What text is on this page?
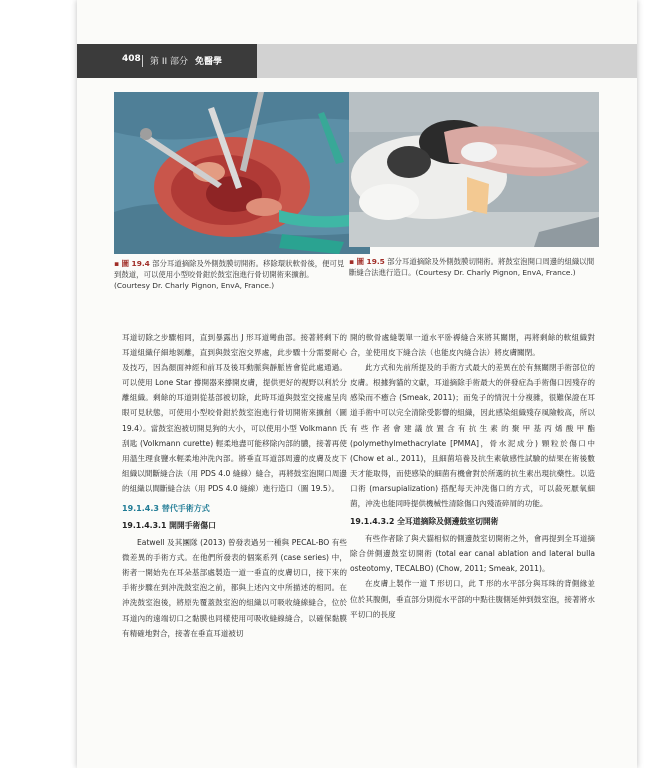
408 第 II 部分 免醫學
▪ 圖 19.4 部分耳道摘除及外側鼓膜切開術。移除環狀軟骨後，便可見到鼓道，可以使用小型咬骨鉗於鼓室泡進行骨切開術來擴創。(Courtesy Dr. Charly Pignon, EnvA, France.)
▪ 圖 19.5 部分耳道摘除及外側鼓膜切開術。將鼓室泡開口周邊的組織以間斷縫合法進行造口。(Courtesy Dr. Charly Pignon, EnvA, France.)

耳道切除之步驟相同，直到暴露出 J 形耳道彎曲部。接著將剩下的耳道組織仔細地剝離，直到與鼓室泡交界處，此步驟十分需要耐心及技巧，因為顏面神經和前耳及後耳動脈與靜脈皆會從此處通過。可以使用 Lone Star 撐開器來撐開皮膚，提供更好的視野以利於分離組織。剩餘的耳道則從基部被切除，此時耳道與鼓室交接處呈肉眼可見狀態，可使用小型咬骨鉗於鼓室泡進行骨切開術來擴創（圖 19.4）。當鼓室泡被切開見狗的大小，可以使用小型 Volkmann 氏刮匙 (Volkmann curette) 輕柔地盡可能移除內部的膿，接著再使用溫生理食鹽水輕柔地沖洗內部。將垂直耳道部周邊的皮膚及皮下組織以間斷縫合法（用 PDS 4.0 縫線）縫合，再將鼓室泡開口周邊的組織以間斷縫合法（用 PDS 4.0 縫線）進行造口（圖 19.5）。

19.1.4.3 替代手術方式

19.1.4.3.1 開開手術傷口

Eatwell 及其團隊 (2013) 曾發表過另一種與 PECAL-BO 有些微差異的手術方式。在他們所發表的個案系列 (case series) 中，術者一開始先在耳朵基部處製造一道一垂直的皮膚切口，接下來的手術步驟在到沖洗鼓室泡之前，都與上述內文中所描述的相同。在沖洗鼓室泡後，將原先覆蓋鼓室泡的組織以可吸收縫線縫合，位於耳道內的遠端切口之黏膜也同樣使用可吸收縫線縫合，以確保黏膜有精確地對合，接著在垂直耳道被切

開的軟骨處縫製單一道水平卧褥縫合來將其關閉，再將剩餘的軟組織對合，並使用皮下縫合法（也能皮內縫合法）將皮膚關閉。

此方式和先前所提及的手術方式最大的差異在於有無關閉手術部位的皮膚。根據狗貓的文獻，耳道摘除手術最大的併發症為手術傷口因殘存的感染而不癒合 (Smeak, 2011)；而兔子的情況十分複雜，很難保證在耳道手術中可以完全清除受影響的組織，因此感染組織殘存風險較高，所以有些作者會建議放置含有抗生素的聚甲基丙烯酸甲酯 (polymethylmethacrylate [PMMA]，骨水泥成分) 顆粒於傷口中 (Chow et al., 2011)，且細菌培養及抗生素敏感性試驗的結果在術後數天才能取得，而使感染的細菌有機會對於所選的抗生素出現抗藥性。以造口術 (marsupialization) 搭配每天沖洗傷口的方式，可以殺死厭氧細菌，沖洗也能同時提供機械性清除傷口內殘渣碎屑的功能。

19.1.4.3.2 全耳道摘除及側邊鼓室切開術

有些作者除了與犬貓相似的側邊鼓室切開術之外，會再提到全耳道摘除合併側邊鼓室切開術 (total ear canal ablation and lateral bulla osteotomy, TECALBO) (Chow, 2011; Smeak, 2011)。

在皮膚上製作一道 T 形切口，此 T 形的水平部分與耳珠的背側緣並位於其腹側，垂直部分則從水平部的中點往腹側延伸到鼓室泡，接著將水平切口的長度
